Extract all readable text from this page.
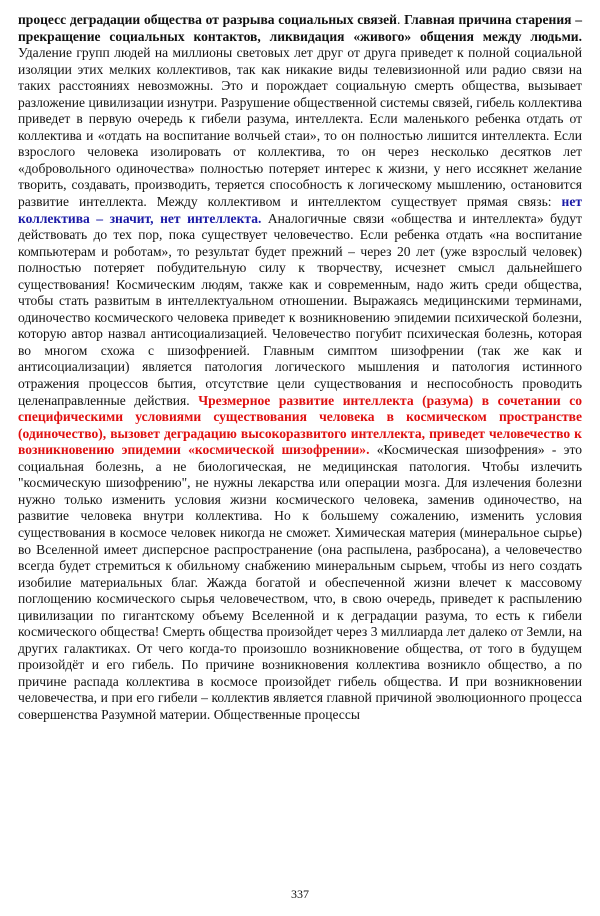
процесс деградации общества от разрыва социальных связей. Главная причина старения – прекращение социальных контактов, ликвидация «живого» общения между людьми. Удаление групп людей на миллионы световых лет друг от друга приведет к полной социальной изоляции этих мелких коллективов, так как никакие виды телевизионной или радио связи на таких расстояниях невозможны. Это и порождает социальную смерть общества, вызывает разложение цивилизации изнутри. Разрушение общественной системы связей, гибель коллектива приведет в первую очередь к гибели разума, интеллекта. Если маленького ребенка отдать от коллектива и «отдать на воспитание волчьей стаи», то он полностью лишится интеллекта. Если взрослого человека изолировать от коллектива, то он через несколько десятков лет «добровольного одиночества» полностью потеряет интерес к жизни, у него иссякнет желание творить, создавать, производить, теряется способность к логическому мышлению, остановится развитие интеллекта. Между коллективом и интеллектом существует прямая связь: нет коллектива – значит, нет интеллекта. Аналогичные связи «общества и интеллекта» будут действовать до тех пор, пока существует человечество. Если ребенка отдать «на воспитание компьютерам и роботам», то результат будет прежний – через 20 лет (уже взрослый человек) полностью потеряет побудительную силу к творчеству, исчезнет смысл дальнейшего существования! Космическим людям, также как и современным, надо жить среди общества, чтобы стать развитым в интеллектуальном отношении. Выражаясь медицинскими терминами, одиночество космического человека приведет к возникновению эпидемии психической болезни, которую автор назвал антисоциализацией. Человечество погубит психическая болезнь, которая во многом схожа с шизофренией. Главным симптом шизофрении (так же как и антисоциализации) является патология логического мышления и патология истинного отражения процессов бытия, отсутствие цели существования и неспособность проводить целенаправленные действия. Чрезмерное развитие интеллекта (разума) в сочетании со специфическими условиями существования человека в космическом пространстве (одиночество), вызовет деградацию высокоразвитого интеллекта, приведет человечество к возникновению эпидемии «космической шизофрении». «Космическая шизофрения» - это социальная болезнь, а не биологическая, не медицинская патология. Чтобы излечить "космическую шизофрению", не нужны лекарства или операции мозга. Для излечения болезни нужно только изменить условия жизни космического человека, заменив одиночество, на развитие человека внутри коллектива. Но к большему сожалению, изменить условия существования в космосе человек никогда не сможет. Химическая материя (минеральное сырье) во Вселенной имеет дисперсное распространение (она распылена, разбросана), а человечество всегда будет стремиться к обильному снабжению минеральным сырьем, чтобы из него создать изобилие материальных благ. Жажда богатой и обеспеченной жизни влечет к массовому поглощению космического сырья человечеством, что, в свою очередь, приведет к распылению цивилизации по гигантскому объему Вселенной и к деградации разума, то есть к гибели космического общества! Смерть общества произойдет через 3 миллиарда лет далеко от Земли, на других галактиках. От чего когда-то произошло возникновение общества, от того в будущем произойдёт и его гибель. По причине возникновения коллектива возникло общество, а по причине распада коллектива в космосе произойдет гибель общества. И при возникновении человечества, и при его гибели – коллектив является главной причиной эволюционного процесса совершенства Разумной материи. Общественные процессы

337
